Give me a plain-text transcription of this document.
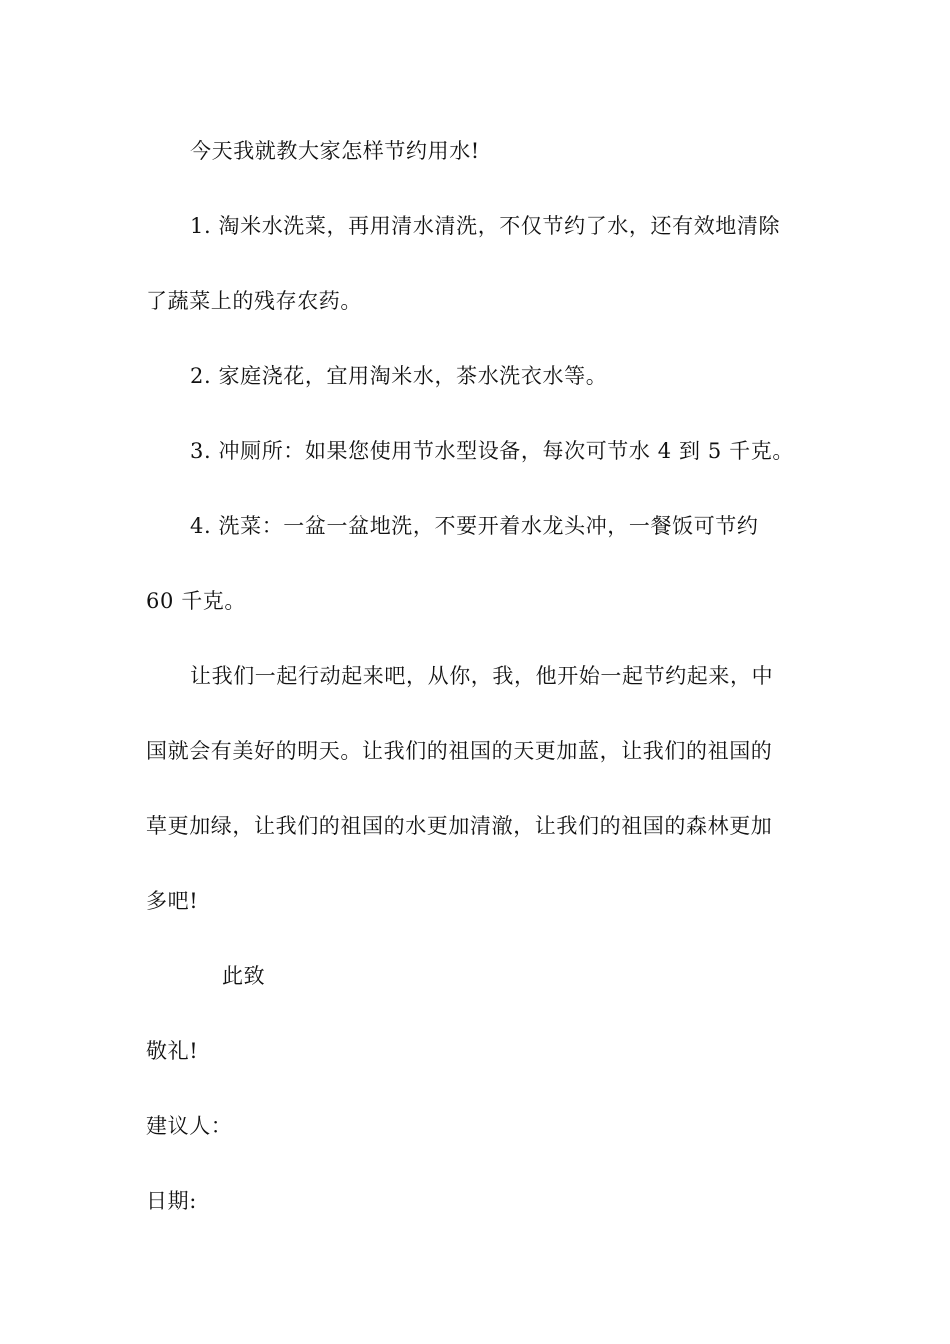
今天我就教大家怎样节约用水!
1. 淘米水洗菜，再用清水清洗，不仅节约了水，还有效地清除
了蔬菜上的残存农药。
2. 家庭浇花，宜用淘米水，茶水洗衣水等。
3. 冲厕所：如果您使用节水型设备，每次可节水 4 到 5 千克。
4. 洗菜：一盆一盆地洗，不要开着水龙头冲，一餐饭可节约
60 千克。
让我们一起行动起来吧，从你，我，他开始一起节约起来，中
国就会有美好的明天。让我们的祖国的天更加蓝，让我们的祖国的
草更加绿，让我们的祖国的水更加清澈，让我们的祖国的森林更加
多吧!
此致
敬礼!
建议人：
日期:
